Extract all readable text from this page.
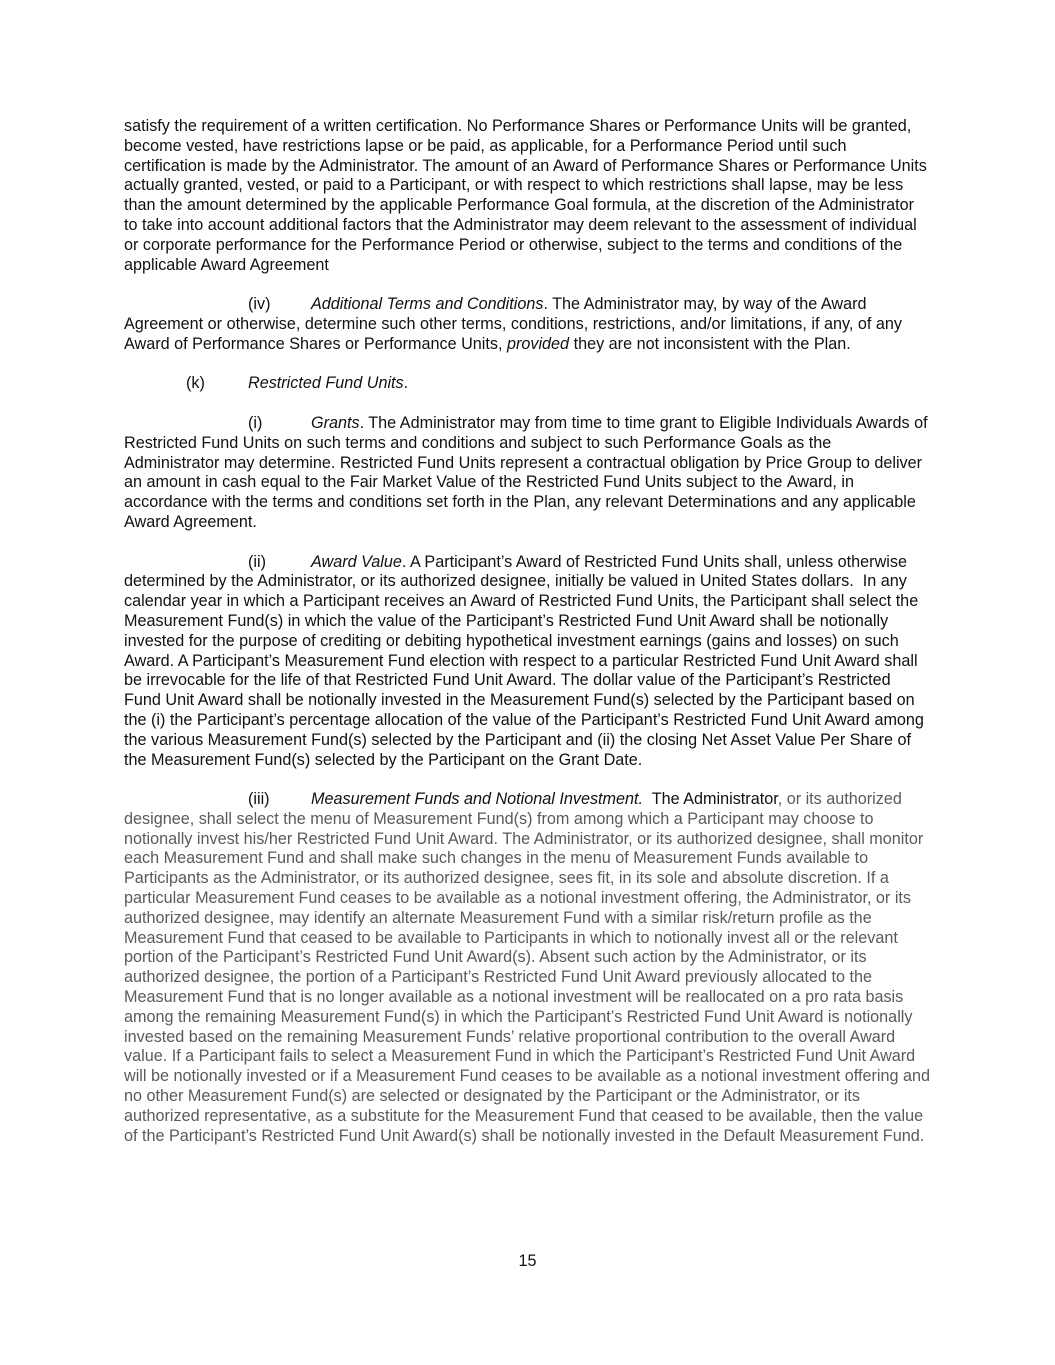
satisfy the requirement of a written certification. No Performance Shares or Performance Units will be granted, become vested, have restrictions lapse or be paid, as applicable, for a Performance Period until such certification is made by the Administrator. The amount of an Award of Performance Shares or Performance Units actually granted, vested, or paid to a Participant, or with respect to which restrictions shall lapse, may be less than the amount determined by the applicable Performance Goal formula, at the discretion of the Administrator to take into account additional factors that the Administrator may deem relevant to the assessment of individual or corporate performance for the Performance Period or otherwise, subject to the terms and conditions of the applicable Award Agreement

(iv)	Additional Terms and Conditions. The Administrator may, by way of the Award Agreement or otherwise, determine such other terms, conditions, restrictions, and/or limitations, if any, of any Award of Performance Shares or Performance Units, provided they are not inconsistent with the Plan.

(k)	Restricted Fund Units.

(i)	Grants. The Administrator may from time to time grant to Eligible Individuals Awards of Restricted Fund Units on such terms and conditions and subject to such Performance Goals as the Administrator may determine. Restricted Fund Units represent a contractual obligation by Price Group to deliver an amount in cash equal to the Fair Market Value of the Restricted Fund Units subject to the Award, in accordance with the terms and conditions set forth in the Plan, any relevant Determinations and any applicable Award Agreement.

(ii)	Award Value. A Participant’s Award of Restricted Fund Units shall, unless otherwise determined by the Administrator, or its authorized designee, initially be valued in United States dollars.  In any calendar year in which a Participant receives an Award of Restricted Fund Units, the Participant shall select the Measurement Fund(s) in which the value of the Participant’s Restricted Fund Unit Award shall be notionally invested for the purpose of crediting or debiting hypothetical investment earnings (gains and losses) on such Award. A Participant’s Measurement Fund election with respect to a particular Restricted Fund Unit Award shall be irrevocable for the life of that Restricted Fund Unit Award. The dollar value of the Participant’s Restricted Fund Unit Award shall be notionally invested in the Measurement Fund(s) selected by the Participant based on the (i) the Participant’s percentage allocation of the value of the Participant’s Restricted Fund Unit Award among the various Measurement Fund(s) selected by the Participant and (ii) the closing Net Asset Value Per Share of the Measurement Fund(s) selected by the Participant on the Grant Date.

(iii)	Measurement Funds and Notional Investment.  The Administrator, or its authorized designee, shall select the menu of Measurement Fund(s) from among which a Participant may choose to notionally invest his/her Restricted Fund Unit Award. The Administrator, or its authorized designee, shall monitor each Measurement Fund and shall make such changes in the menu of Measurement Funds available to Participants as the Administrator, or its authorized designee, sees fit, in its sole and absolute discretion. If a particular Measurement Fund ceases to be available as a notional investment offering, the Administrator, or its authorized designee, may identify an alternate Measurement Fund with a similar risk/return profile as the Measurement Fund that ceased to be available to Participants in which to notionally invest all or the relevant portion of the Participant’s Restricted Fund Unit Award(s). Absent such action by the Administrator, or its authorized designee, the portion of a Participant’s Restricted Fund Unit Award previously allocated to the Measurement Fund that is no longer available as a notional investment will be reallocated on a pro rata basis among the remaining Measurement Fund(s) in which the Participant’s Restricted Fund Unit Award is notionally invested based on the remaining Measurement Funds’ relative proportional contribution to the overall Award value. If a Participant fails to select a Measurement Fund in which the Participant’s Restricted Fund Unit Award will be notionally invested or if a Measurement Fund ceases to be available as a notional investment offering and no other Measurement Fund(s) are selected or designated by the Participant or the Administrator, or its authorized representative, as a substitute for the Measurement Fund that ceased to be available, then the value of the Participant’s Restricted Fund Unit Award(s) shall be notionally invested in the Default Measurement Fund.

15
